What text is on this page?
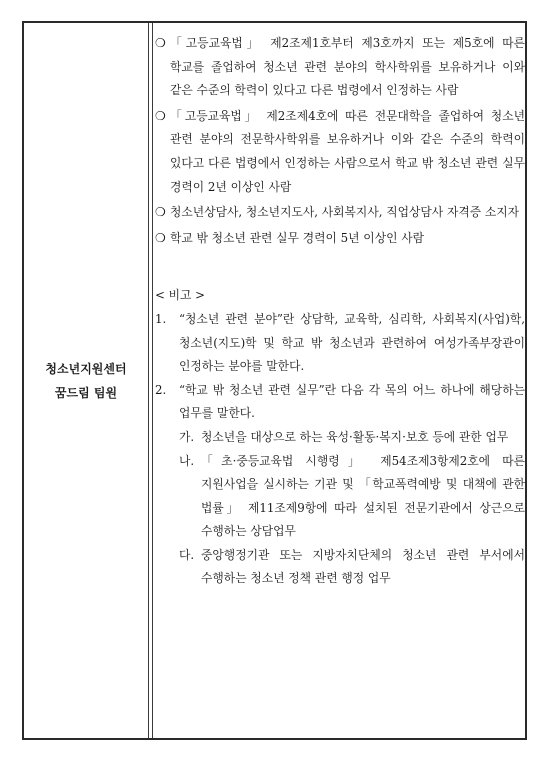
청소년지원센터
꿈드림 팀원
❍ 「고등교육법」 제2조제1호부터 제3호까지 또는 제5호에 따른 학교를 졸업하여 청소년 관련 분야의 학사학위를 보유하거나 이와 같은 수준의 학력이 있다고 다른 법령에서 인정하는 사람
❍ 「고등교육법」 제2조제4호에 따른 전문대학을 졸업하여 청소년 관련 분야의 전문학사학위를 보유하거나 이와 같은 수준의 학력이 있다고 다른 법령에서 인정하는 사람으로서 학교 밖 청소년 관련 실무 경력이 2년 이상인 사람
❍ 청소년상담사, 청소년지도사, 사회복지사, 직업상담사 자격증 소지자
❍ 학교 밖 청소년 관련 실무 경력이 5년 이상인 사람
< 비고 >
1.	“청소년 관련 분야”란 상담학, 교육학, 심리학, 사회복지(사업)학, 청소년(지도)학 및 학교 밖 청소년과 관련하여 여성가족부장관이 인정하는 분야를 말한다.
2.	“학교 밖 청소년 관련 실무”란 다음 각 목의 어느 하나에 해당하는 업무를 말한다.
가. 청소년을 대상으로 하는 육성·활동·복지·보호 등에 관한 업무
나. 「초·중등교육법 시행령」 제54조제3항제2호에 따른 지원사업을 실시하는 기관 및 「학교폭력예방 및 대책에 관한 법률」 제11조제9항에 따라 설치된 전문기관에서 상근으로 수행하는 상담업무
다. 중앙행정기관 또는 지방자치단체의 청소년 관련 부서에서 수행하는 청소년 정책 관련 행정 업무
